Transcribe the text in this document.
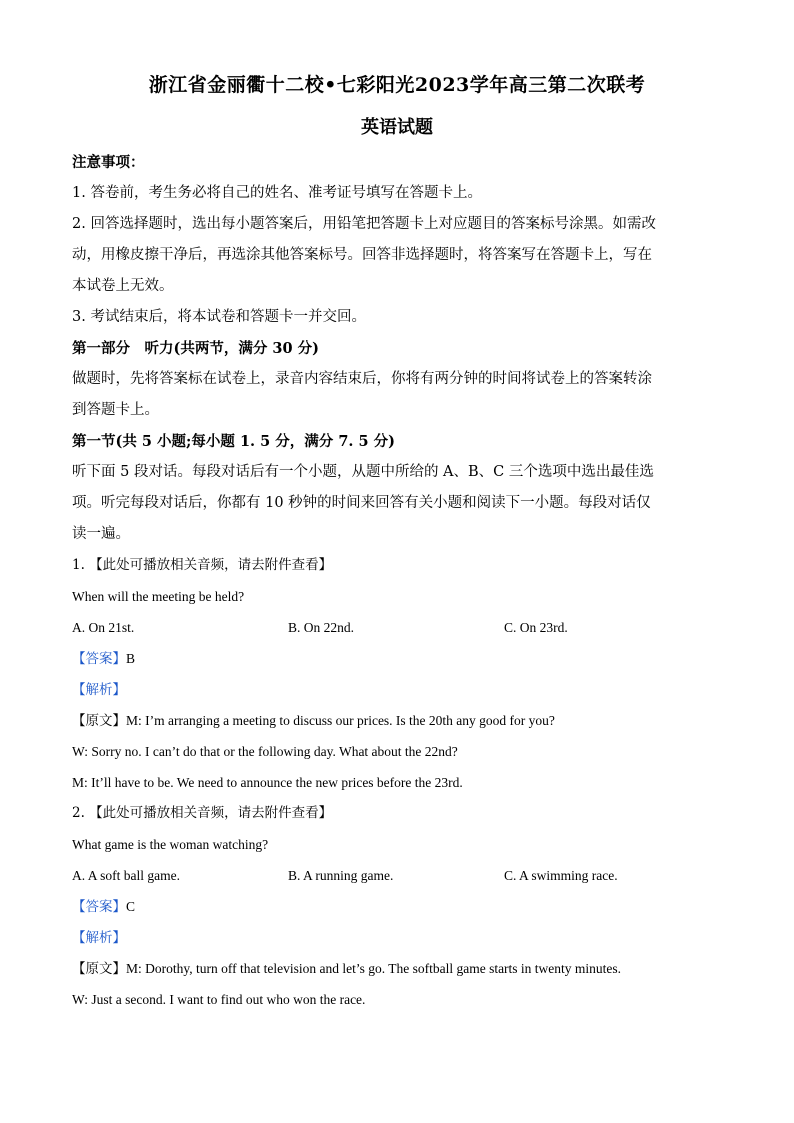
浙江省金丽衢十二校•七彩阳光2023学年高三第二次联考
英语试题

注意事项：

1. 答卷前，考生务必将自己的姓名、准考证号填写在答题卡上。

2. 回答选择题时，选出每小题答案后，用铅笔把答题卡上对应题目的答案标号涂黑。如需改

动，用橡皮擦干净后，再选涂其他答案标号。回答非选择题时，将答案写在答题卡上，写在

本试卷上无效。

3. 考试结束后，将本试卷和答题卡一并交回。

第一部分　听力(共两节，满分 30 分)

做题时，先将答案标在试卷上，录音内容结束后，你将有两分钟的时间将试卷上的答案转涂

到答题卡上。

第一节(共 5 小题;每小题 1. 5 分，满分 7. 5 分)

听下面 5 段对话。每段对话后有一个小题，从题中所给的 A、B、C 三个选项中选出最佳选

项。听完每段对话后，你都有 10 秒钟的时间来回答有关小题和阅读下一小题。每段对话仅

读一遍。

1. 【此处可播放相关音频，请去附件查看】

When will the meeting be held?

A. On 21st.	B. On 22nd.	C. On 23rd.

【答案】B

【解析】

【原文】M: I’m arranging a meeting to discuss our prices. Is the 20th any good for you?

W: Sorry no. I can’t do that or the following day. What about the 22nd?

M: It’ll have to be. We need to announce the new prices before the 23rd.

2. 【此处可播放相关音频，请去附件查看】

What game is the woman watching?

A. A soft ball game.	B. A running game.	C. A swimming race.

【答案】C

【解析】

【原文】M: Dorothy, turn off that television and let’s go. The softball game starts in twenty minutes.

W: Just a second. I want to find out who won the race.
